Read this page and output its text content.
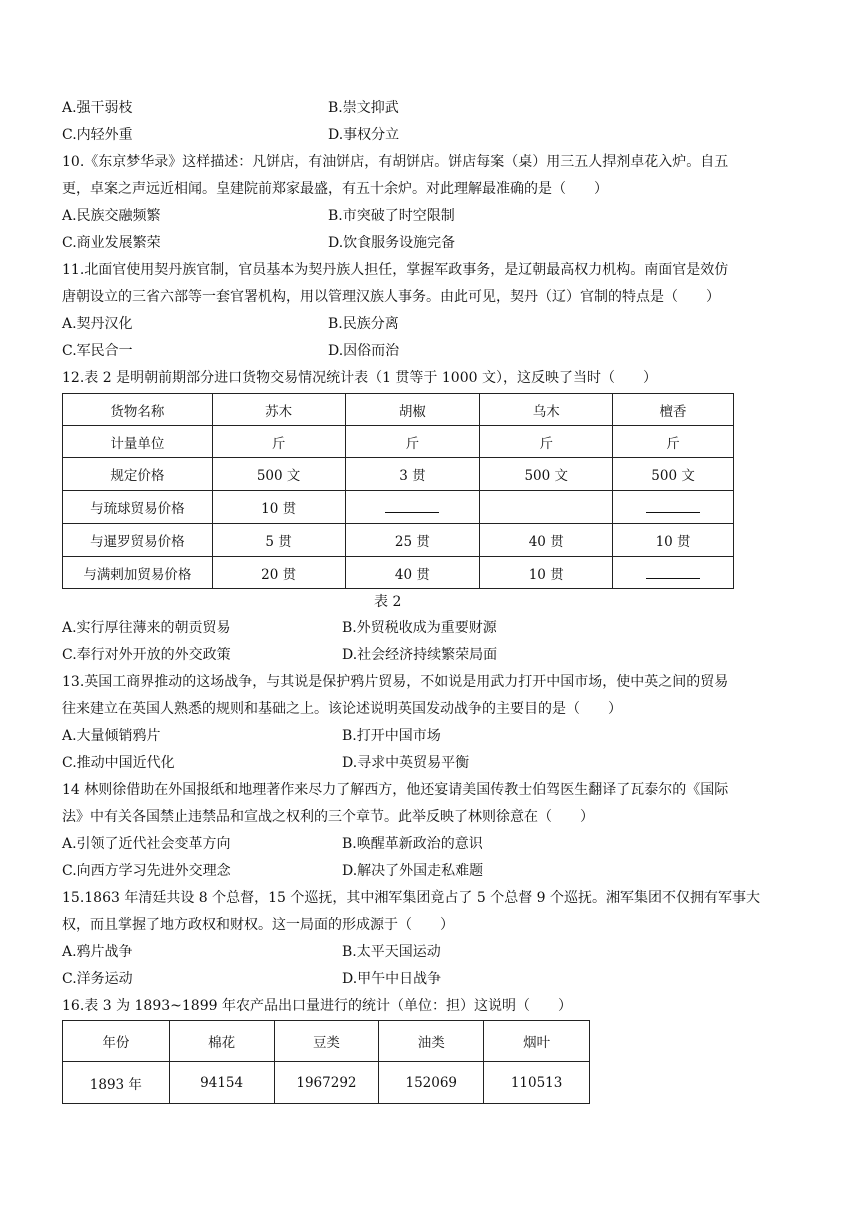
A.强干弱枝	B.崇文抑武
C.内轻外重	D.事权分立
10.《东京梦华录》这样描述：凡饼店，有油饼店，有胡饼店。饼店每案（桌）用三五人捍剂卓花入炉。自五
更，卓案之声远近相闻。皇建院前郑家最盛，有五十余炉。对此理解最准确的是（　　）
A.民族交融频繁	B.市突破了时空限制
C.商业发展繁荣	D.饮食服务设施完备
11.北面官使用契丹族官制，官员基本为契丹族人担任，掌握军政事务，是辽朝最高权力机构。南面官是效仿
唐朝设立的三省六部等一套官署机构，用以管理汉族人事务。由此可见，契丹（辽）官制的特点是（　　）
A.契丹汉化	B.民族分离
C.军民合一	D.因俗而治
12.表 2 是明朝前期部分进口货物交易情况统计表（1 贯等于 1000 文），这反映了当时（　　）
货物名称	苏木	胡椒	乌木	檀香
计量单位	斤	斤	斤	斤
规定价格	500 文	3 贯	500 文	500 文
与琉球贸易价格	10 贯			
与暹罗贸易价格	5 贯	25 贯	40 贯	10 贯
与满剌加贸易价格	20 贯	40 贯	10 贯	
表 2
A.实行厚往薄来的朝贡贸易	B.外贸税收成为重要财源
C.奉行对外开放的外交政策	D.社会经济持续繁荣局面
13.英国工商界推动的这场战争，与其说是保护鸦片贸易，不如说是用武力打开中国市场，使中英之间的贸易
往来建立在英国人熟悉的规则和基础之上。该论述说明英国发动战争的主要目的是（　　）
A.大量倾销鸦片	B.打开中国市场
C.推动中国近代化	D.寻求中英贸易平衡
14 林则徐借助在外国报纸和地理著作来尽力了解西方，他还宴请美国传教士伯驾医生翻译了瓦泰尔的《国际
法》中有关各国禁止违禁品和宣战之权利的三个章节。此举反映了林则徐意在（　　）
A.引领了近代社会变革方向	B.唤醒革新政治的意识
C.向西方学习先进外交理念	D.解决了外国走私难题
15.1863 年清廷共设 8 个总督，15 个巡抚，其中湘军集团竟占了 5 个总督 9 个巡抚。湘军集团不仅拥有军事大
权，而且掌握了地方政权和财权。这一局面的形成源于（　　）
A.鸦片战争	B.太平天国运动
C.洋务运动	D.甲午中日战争
16.表 3 为 1893~1899 年农产品出口量进行的统计（单位：担）这说明（　　）
年份	棉花	豆类	油类	烟叶
1893 年	94154	1967292	152069	110513
